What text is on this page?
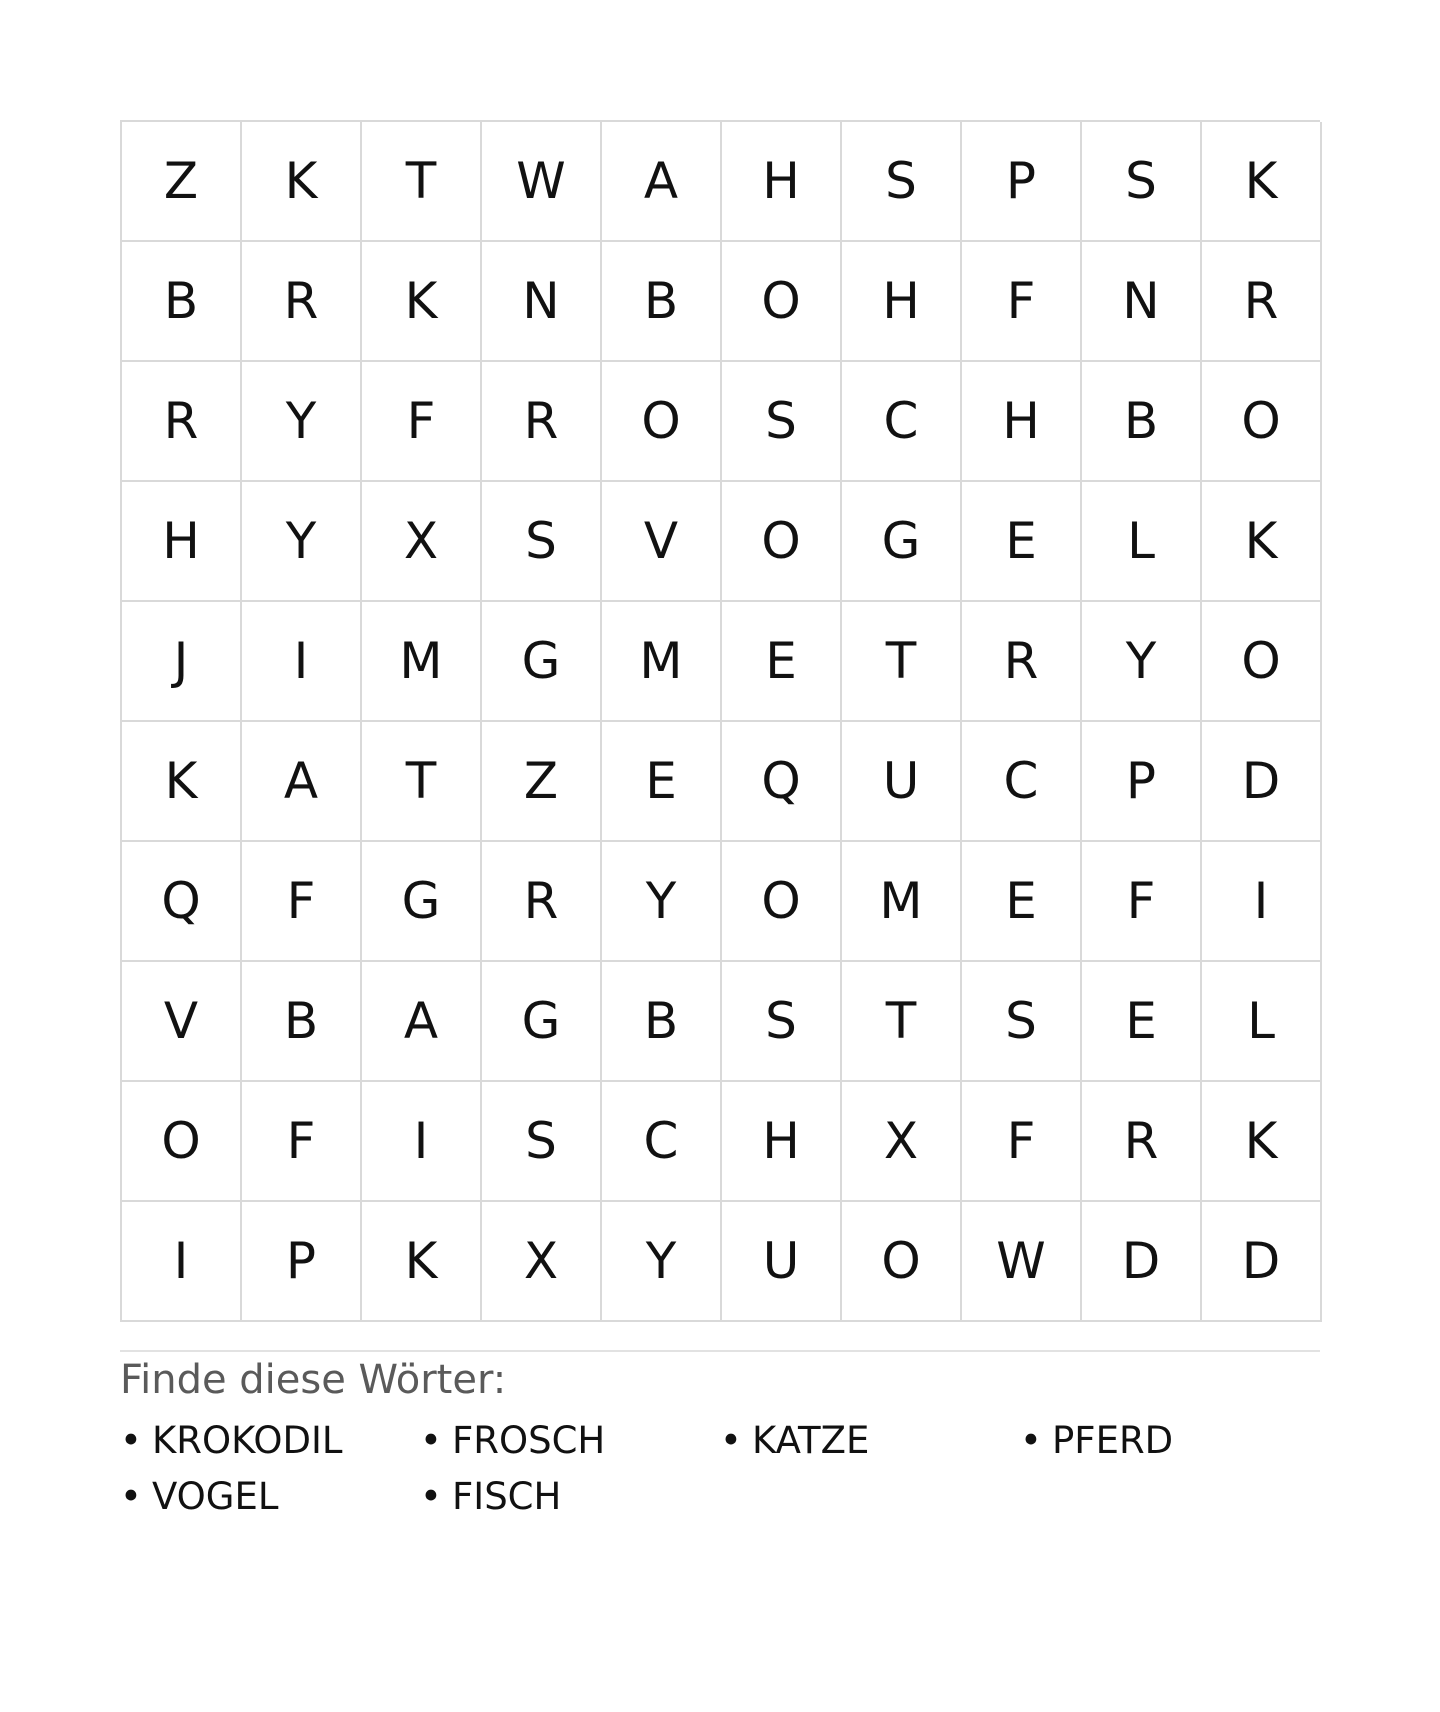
Z	K	T	W	A	H	S	P	S	K
B	R	K	N	B	O	H	F	N	R
R	Y	F	R	O	S	C	H	B	O
H	Y	X	S	V	O	G	E	L	K
J	I	M	G	M	E	T	R	Y	O
K	A	T	Z	E	Q	U	C	P	D
Q	F	G	R	Y	O	M	E	F	I
V	B	A	G	B	S	T	S	E	L
O	F	I	S	C	H	X	F	R	K
I	P	K	X	Y	U	O	W	D	D
Finde diese Wörter:
• KROKODIL	• FROSCH	• KATZE	• PFERD
• VOGEL	• FISCH
